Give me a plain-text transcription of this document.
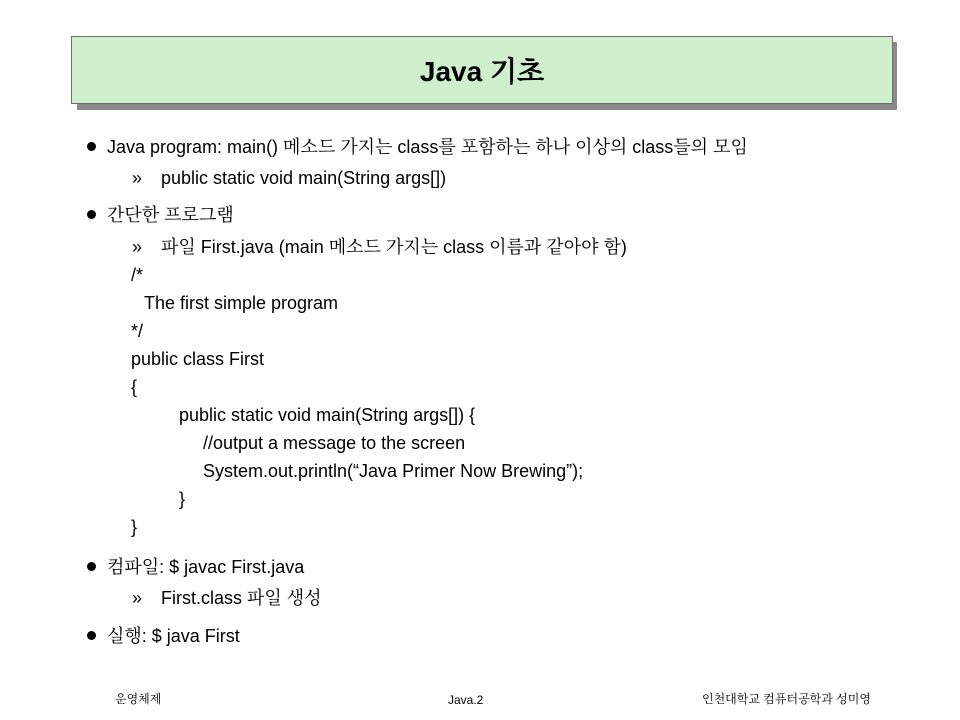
Java 기초
Java program: main() 메소드 가지는 class를 포함하는 하나 이상의 class들의 모임
» public static void main(String args[])
간단한 프로그램
» 파일 First.java (main 메소드 가지는 class 이름과 같아야 함)
/*
The first simple program
*/
public class First
{
public static void main(String args[]) {
//output a message to the screen
System.out.println(“Java Primer Now Brewing”);
}
}
컴파일: $ javac First.java
» First.class 파일 생성
실행: $ java First
운영체제	Java.2	인천대학교 컴퓨터공학과 성미영
